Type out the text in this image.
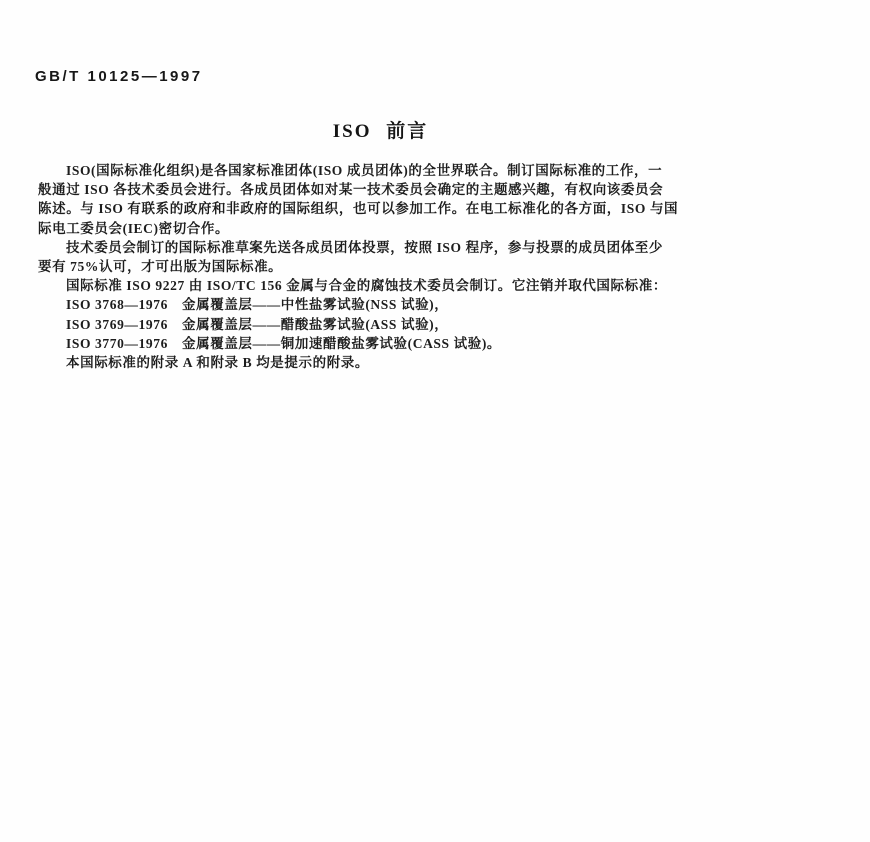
GB/T 10125—1997
ISO 前言
ISO(国际标准化组织)是各国家标准团体(ISO 成员团体)的全世界联合。制订国际标准的工作，一
般通过 ISO 各技术委员会进行。各成员团体如对某一技术委员会确定的主题感兴趣，有权向该委员会
陈述。与 ISO 有联系的政府和非政府的国际组织，也可以参加工作。在电工标准化的各方面，ISO 与国
际电工委员会(IEC)密切合作。
技术委员会制订的国际标准草案先送各成员团体投票，按照 ISO 程序，参与投票的成员团体至少
要有 75%认可，才可出版为国际标准。
国际标准 ISO 9227 由 ISO/TC 156 金属与合金的腐蚀技术委员会制订。它注销并取代国际标准：
ISO 3768—1976　金属覆盖层——中性盐雾试验(NSS 试验)，
ISO 3769—1976　金属覆盖层——醋酸盐雾试验(ASS 试验)，
ISO 3770—1976　金属覆盖层——铜加速醋酸盐雾试验(CASS 试验)。
本国际标准的附录 A 和附录 B 均是提示的附录。
